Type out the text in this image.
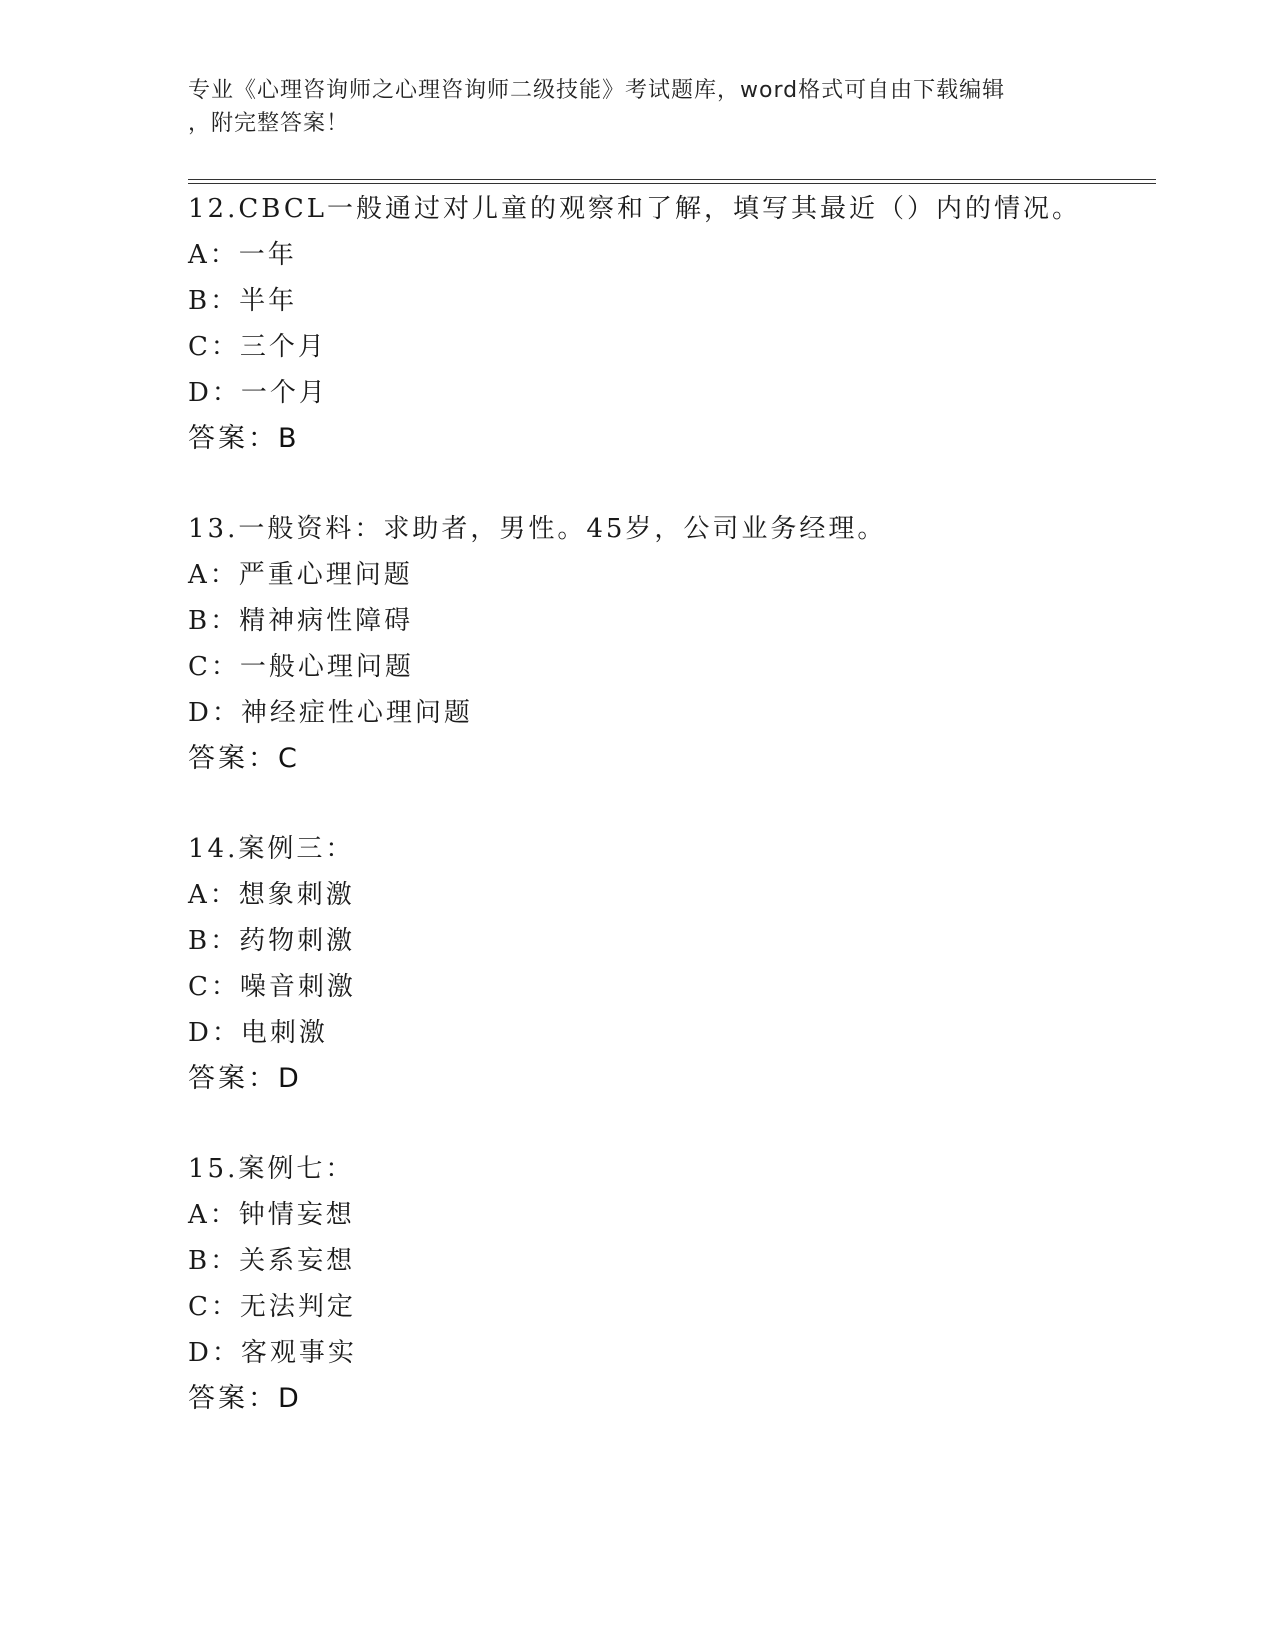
专业《心理咨询师之心理咨询师二级技能》考试题库，word格式可自由下载编辑
，附完整答案！
12.CBCL一般通过对儿童的观察和了解，填写其最近（）内的情况。
A：一年
B：半年
C：三个月
D：一个月
答案：B
13.一般资料：求助者，男性。45岁，公司业务经理。
A：严重心理问题
B：精神病性障碍
C：一般心理问题
D：神经症性心理问题
答案：C
14.案例三：
A：想象刺激
B：药物刺激
C：噪音刺激
D：电刺激
答案：D
15.案例七：
A：钟情妄想
B：关系妄想
C：无法判定
D：客观事实
答案：D
